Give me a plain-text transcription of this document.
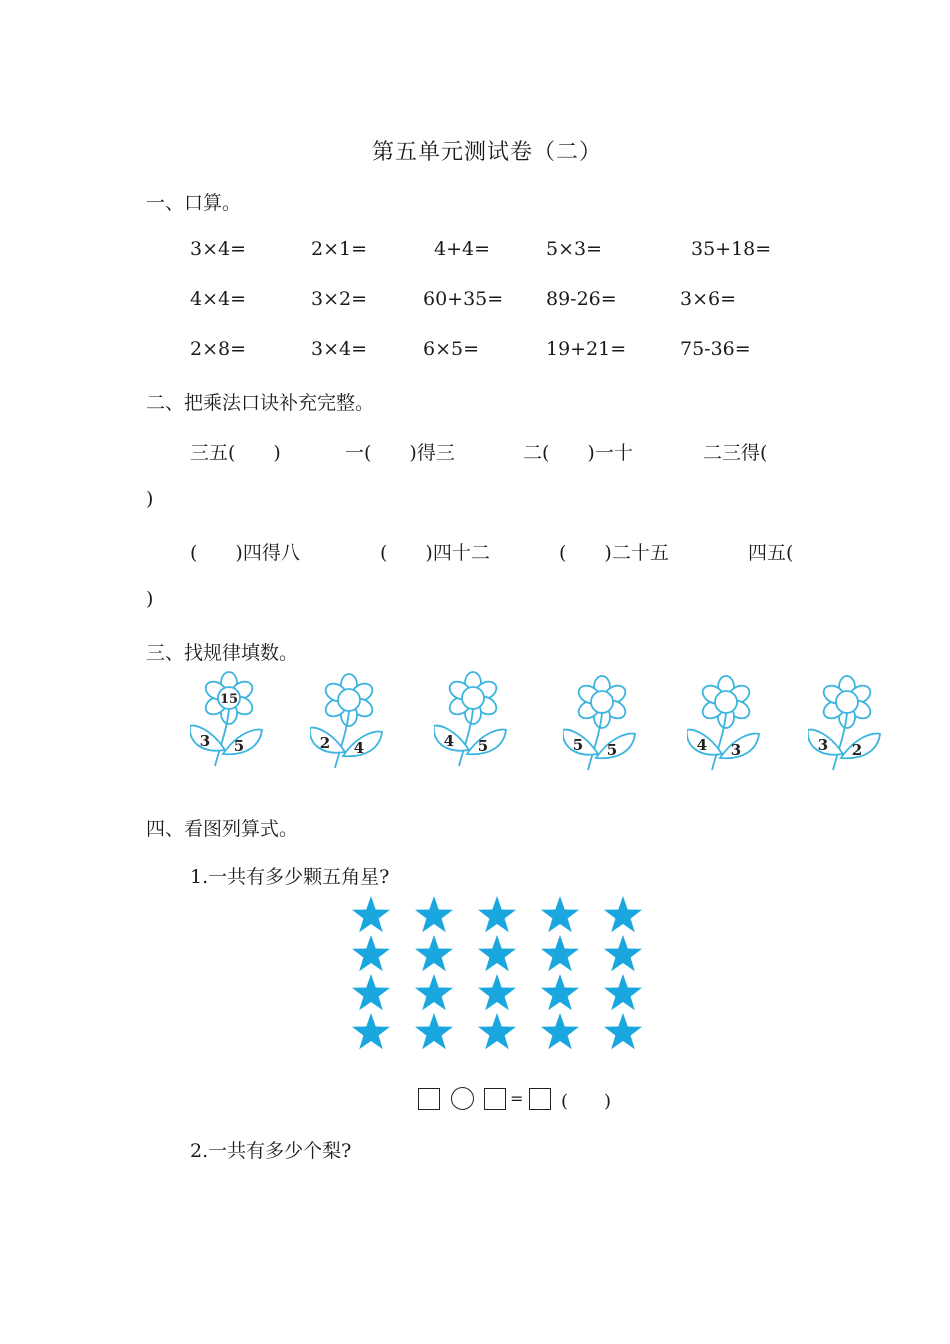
第五单元测试卷（二）
一、口算。
3×4=	2×1=	4+4=	5×3=	35+18=
4×4=	3×2=	60+35= 89-26=	3×6=
2×8=	3×4=	6×5=	19+21=	75-36=
二、把乘法口诀补充完整。
三五(　　)	一(　　)得三	二(　　)一十	二三得(
)
(　　)四得八	(　　)四十二	(　　)二十五	四五(
)
三、找规律填数。
15
3 5	2 4	4 5	5 5	4 3	3 2
四、看图列算式。
1.一共有多少颗五角星?
= (　　)
2.一共有多少个梨?
